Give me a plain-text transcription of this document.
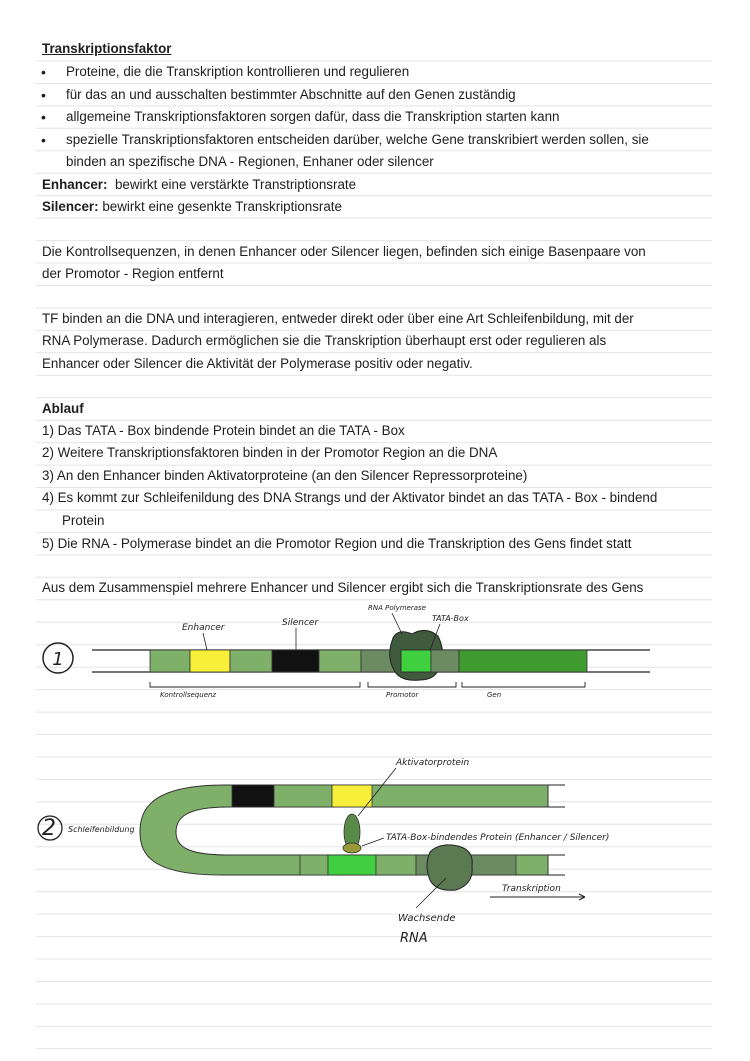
Transkriptionsfaktor
• Proteine, die die Transkription kontrollieren und regulieren
• für das an und ausschalten bestimmter Abschnitte auf den Genen zuständig
• allgemeine Transkriptionsfaktoren sorgen dafür, dass die Transkription starten kann
• spezielle Transkriptionsfaktoren entscheiden darüber, welche Gene transkribiert werden sollen, sie
binden an spezifische DNA - Regionen, Enhaner oder silencer
Enhancer: bewirkt eine verstärkte Transtriptionsrate
Silencer: bewirkt eine gesenkte Transkriptionsrate
Die Kontrollsequenzen, in denen Enhancer oder Silencer liegen, befinden sich einige Basenpaare von
der Promotor - Region entfernt
TF binden an die DNA und interagieren, entweder direkt oder über eine Art Schleifenbildung, mit der
RNA Polymerase. Dadurch ermöglichen sie die Transkription überhaupt erst oder regulieren als
Enhancer oder Silencer die Aktivität der Polymerase positiv oder negativ.
Ablauf
1) Das TATA - Box bindende Protein bindet an die TATA - Box
2) Weitere Transkriptionsfaktoren binden in der Promotor Region an die DNA
3) An den Enhancer binden Aktivatorproteine (an den Silencer Repressorproteine)
4) Es kommt zur Schleifenildung des DNA Strangs und der Aktivator bindet an das TATA - Box - bindend
Protein
5) Die RNA - Polymerase bindet an die Promotor Region und die Transkription des Gens findet statt
Aus dem Zusammenspiel mehrere Enhancer und Silencer ergibt sich die Transkriptionsrate des Gens
1
Enhancer	Silencer
RNA Polymerase
TATA-Box
Kontrollsequenz	Promotor	Gen
2 Schleifenbildung
Aktivatorprotein
TATA-Box-bindendes Protein (Enhancer / Silencer)
Transkription
Wachsende
RNA
